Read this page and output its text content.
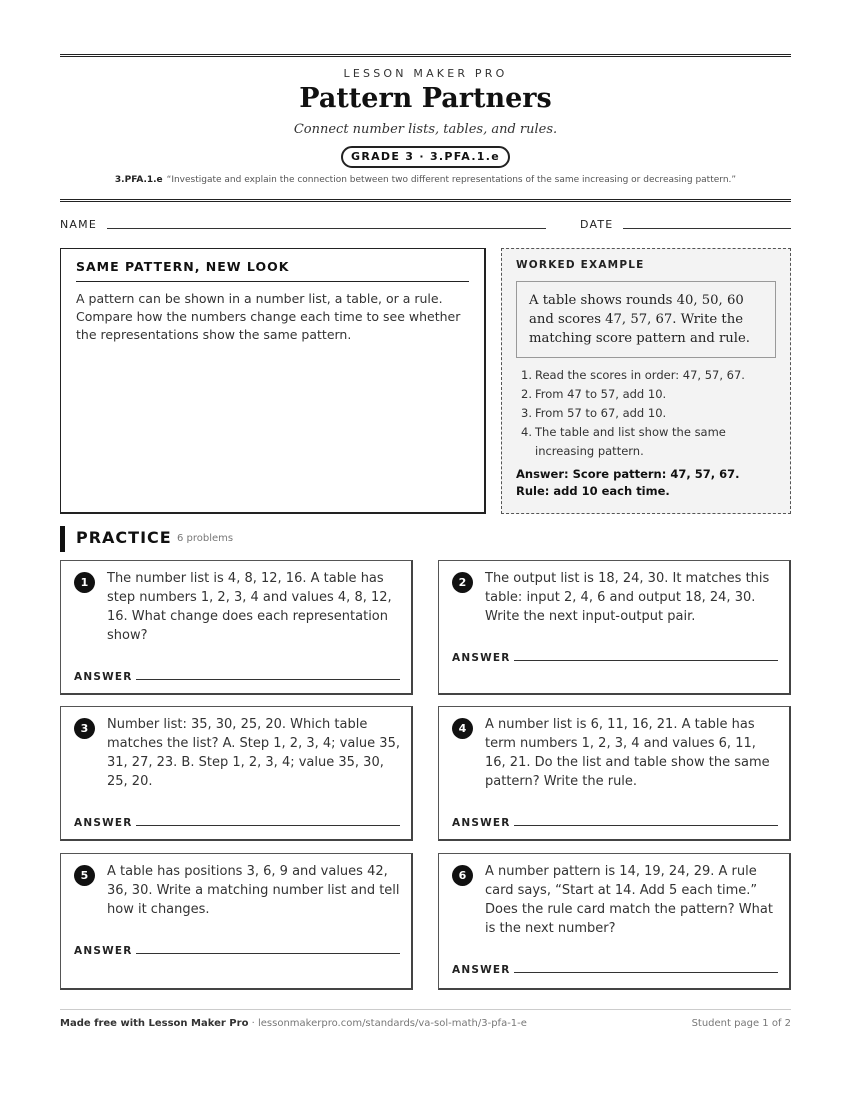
LESSON MAKER PRO
Pattern Partners
Connect number lists, tables, and rules.
GRADE 3 · 3.PFA.1.e
3.PFA.1.e “Investigate and explain the connection between two different representations of the same increasing or decreasing pattern.”
NAME	DATE
SAME PATTERN, NEW LOOK
A pattern can be shown in a number list, a table, or a rule. Compare how the numbers change each time to see whether the representations show the same pattern.
WORKED EXAMPLE
A table shows rounds 40, 50, 60 and scores 47, 57, 67. Write the matching score pattern and rule.
1. Read the scores in order: 47, 57, 67.
2. From 47 to 57, add 10.
3. From 57 to 67, add 10.
4. The table and list show the same increasing pattern.
Answer: Score pattern: 47, 57, 67. Rule: add 10 each time.
PRACTICE 6 problems
1	The number list is 4, 8, 12, 16. A table has step numbers 1, 2, 3, 4 and values 4, 8, 12, 16. What change does each representation show?
ANSWER
2	The output list is 18, 24, 30. It matches this table: input 2, 4, 6 and output 18, 24, 30. Write the next input-output pair.
ANSWER
3	Number list: 35, 30, 25, 20. Which table matches the list? A. Step 1, 2, 3, 4; value 35, 31, 27, 23. B. Step 1, 2, 3, 4; value 35, 30, 25, 20.
ANSWER
4	A number list is 6, 11, 16, 21. A table has term numbers 1, 2, 3, 4 and values 6, 11, 16, 21. Do the list and table show the same pattern? Write the rule.
ANSWER
5	A table has positions 3, 6, 9 and values 42, 36, 30. Write a matching number list and tell how it changes.
ANSWER
6	A number pattern is 14, 19, 24, 29. A rule card says, “Start at 14. Add 5 each time.” Does the rule card match the pattern? What is the next number?
ANSWER
Made free with Lesson Maker Pro · lessonmakerpro.com/standards/va-sol-math/3-pfa-1-e	Student page 1 of 2
